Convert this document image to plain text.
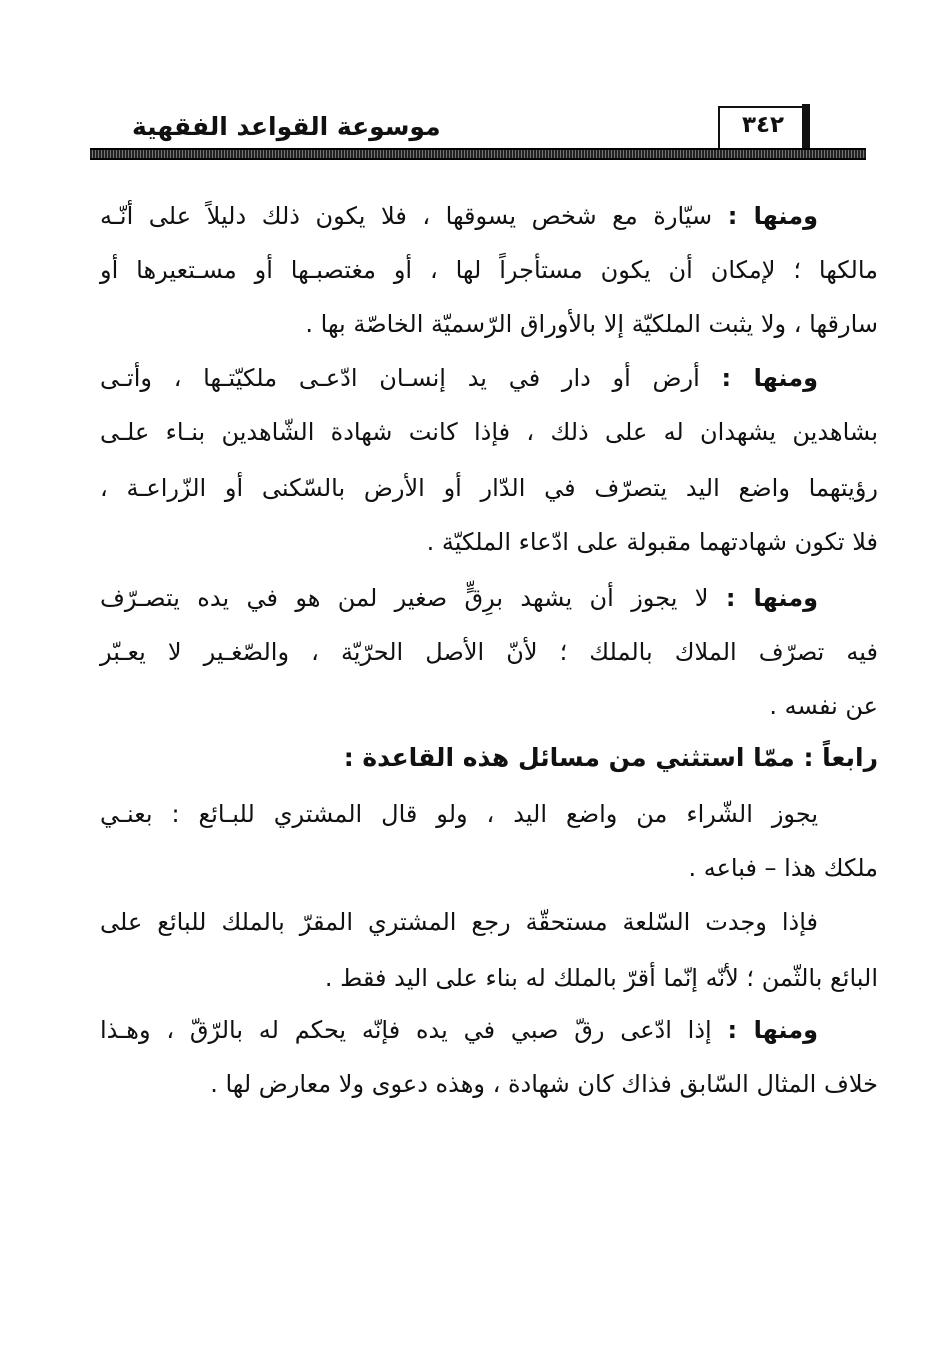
موسوعة القواعد الفقهية	٣٤٢
ومنها : سيّارة مع شخص يسوقها ، فلا يكون ذلك دليلاً على أنّـه
مالكها ؛ لإمكان أن يكون مستأجراً لها ، أو مغتصبـها أو مسـتعيرها أو
سارقها ، ولا يثبت الملكيّة إلا بالأوراق الرّسميّة الخاصّة بها .
ومنها : أرض أو دار في يد إنسـان ادّعـى ملكيّتـها ، وأتـى
بشاهدين يشهدان له على ذلك ، فإذا كانت شهادة الشّاهدين بنـاء علـى
رؤيتهما واضع اليد يتصرّف في الدّار أو الأرض بالسّكنى أو الزّراعـة ،
فلا تكون شهادتهما مقبولة على ادّعاء الملكيّة .
ومنها : لا يجوز أن يشهد برِقٍّ صغير لمن هو في يده يتصـرّف
فيه تصرّف الملاك بالملك ؛ لأنّ الأصل الحرّيّة ، والصّغـير لا يعـبّر
عن نفسه .
رابعاً : ممّا استثني من مسائل هذه القاعدة :
يجوز الشّراء من واضع اليد ، ولو قال المشتري للبـائع : بعنـي
ملكك هذا – فباعه .
فإذا وجدت السّلعة مستحقّة رجع المشتري المقرّ بالملك للبائع على
البائع بالثّمن ؛ لأنّه إنّما أقرّ بالملك له بناء على اليد فقط .
ومنها : إذا ادّعى رقّ صبي في يده فإنّه يحكم له بالرّقّ ، وهـذا
خلاف المثال السّابق فذاك كان شهادة ، وهذه دعوى ولا معارض لها .
